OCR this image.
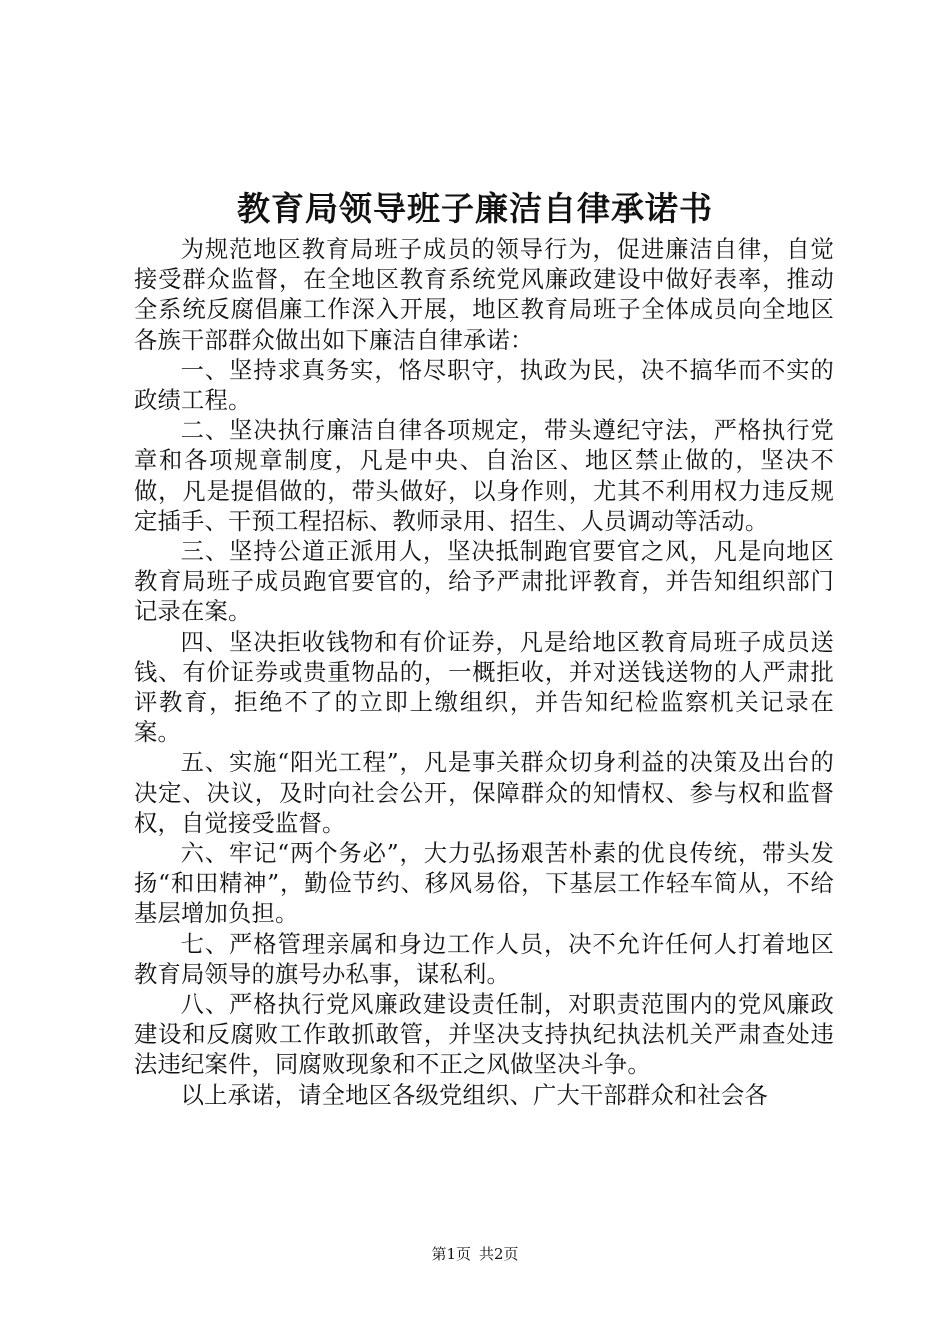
教育局领导班子廉洁自律承诺书

为规范地区教育局班子成员的领导行为，促进廉洁自律，自觉接受群众监督，在全地区教育系统党风廉政建设中做好表率，推动全系统反腐倡廉工作深入开展，地区教育局班子全体成员向全地区各族干部群众做出如下廉洁自律承诺：

一、坚持求真务实，恪尽职守，执政为民，决不搞华而不实的政绩工程。

二、坚决执行廉洁自律各项规定，带头遵纪守法，严格执行党章和各项规章制度，凡是中央、自治区、地区禁止做的，坚决不做，凡是提倡做的，带头做好，以身作则，尤其不利用权力违反规定插手、干预工程招标、教师录用、招生、人员调动等活动。

三、坚持公道正派用人，坚决抵制跑官要官之风，凡是向地区教育局班子成员跑官要官的，给予严肃批评教育，并告知组织部门记录在案。

四、坚决拒收钱物和有价证券，凡是给地区教育局班子成员送钱、有价证券或贵重物品的，一概拒收，并对送钱送物的人严肃批评教育，拒绝不了的立即上缴组织，并告知纪检监察机关记录在案。

五、实施“阳光工程”，凡是事关群众切身利益的决策及出台的决定、决议，及时向社会公开，保障群众的知情权、参与权和监督权，自觉接受监督。

六、牢记“两个务必”，大力弘扬艰苦朴素的优良传统，带头发扬“和田精神”，勤俭节约、移风易俗，下基层工作轻车简从，不给基层增加负担。

七、严格管理亲属和身边工作人员，决不允许任何人打着地区教育局领导的旗号办私事，谋私利。

八、严格执行党风廉政建设责任制，对职责范围内的党风廉政建设和反腐败工作敢抓敢管，并坚决支持执纪执法机关严肃查处违法违纪案件，同腐败现象和不正之风做坚决斗争。

以上承诺，请全地区各级党组织、广大干部群众和社会各

第1页 共2页
